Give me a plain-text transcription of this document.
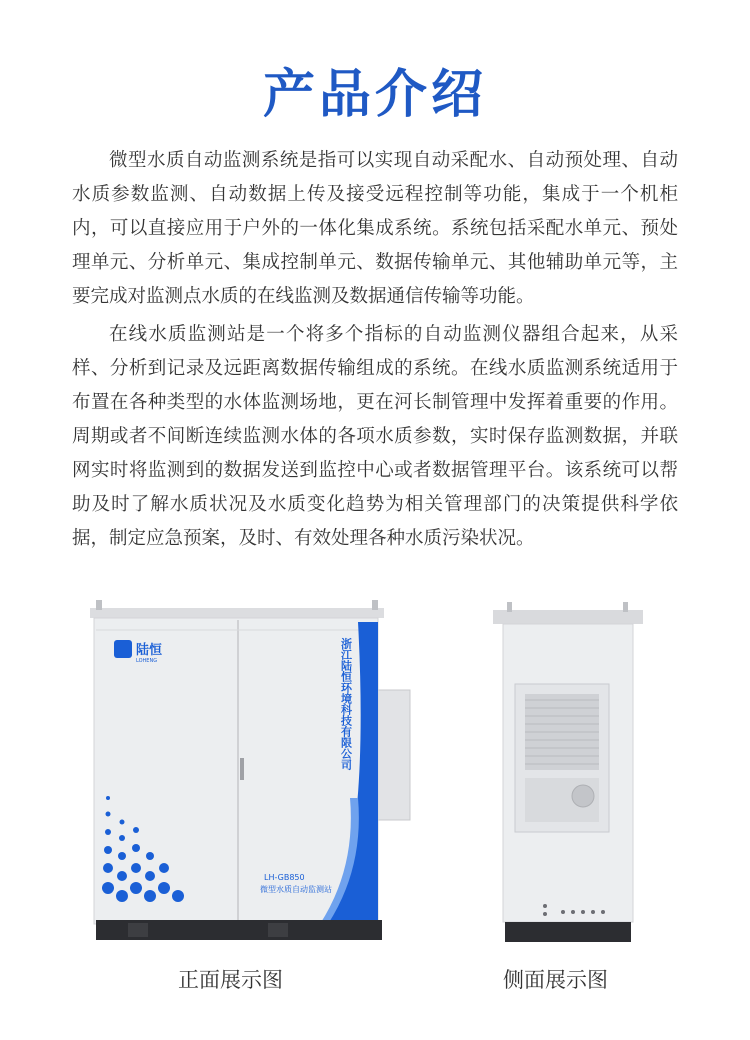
产品介绍

微型水质自动监测系统是指可以实现自动采配水、自动预处理、自动水质参数监测、自动数据上传及接受远程控制等功能，集成于一个机柜内，可以直接应用于户外的一体化集成系统。系统包括采配水单元、预处理单元、分析单元、集成控制单元、数据传输单元、其他辅助单元等，主要完成对监测点水质的在线监测及数据通信传输等功能。

在线水质监测站是一个将多个指标的自动监测仪器组合起来，从采样、分析到记录及远距离数据传输组成的系统。在线水质监测系统适用于布置在各种类型的水体监测场地，更在河长制管理中发挥着重要的作用。周期或者不间断连续监测水体的各项水质参数，实时保存监测数据，并联网实时将监测到的数据发送到监控中心或者数据管理平台。该系统可以帮助及时了解水质状况及水质变化趋势为相关管理部门的决策提供科学依据，制定应急预案，及时、有效处理各种水质污染状况。

陆恒
LOHENG	浙江陆恒环境科技有限公司
LH-GB850
微型水质自动监测站
正面展示图	侧面展示图
